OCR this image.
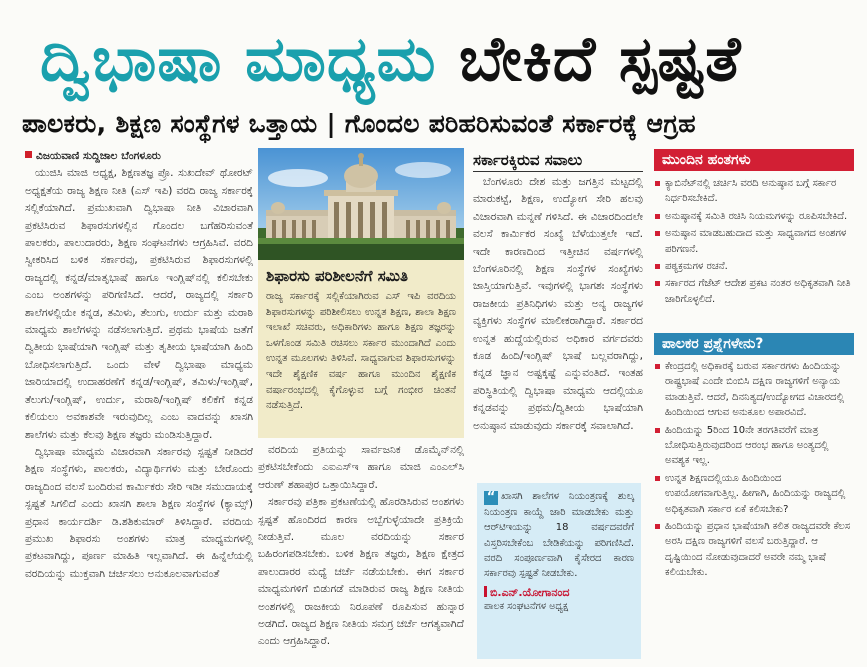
ದ್ವಿಭಾಷಾ ಮಾಧ್ಯಮ ಬೇಕಿದೆ ಸ್ಪಷ್ಟತೆ
ಪಾಲಕರು, ಶಿಕ್ಷಣ ಸಂಸ್ಥೆಗಳ ಒತ್ತಾಯ | ಗೊಂದಲ ಪರಿಹರಿಸುವಂತೆ ಸರ್ಕಾರಕ್ಕೆ ಆಗ್ರಹ

ವಿಜಯವಾಣಿ ಸುದ್ದಿಜಾಲ ಬೆಂಗಳೂರು

ಯುಜಿಸಿ ಮಾಜಿ ಅಧ್ಯಕ್ಷ, ಶಿಕ್ಷಣತಜ್ಞ ಪ್ರೊ. ಸುಖದೇವ್ ಥೋರಟ್ ಅಧ್ಯಕ್ಷತೆಯ ರಾಜ್ಯ ಶಿಕ್ಷಣ ನೀತಿ (ಎಸ್ ಇಪಿ) ವರದಿ ರಾಜ್ಯ ಸರ್ಕಾರಕ್ಕೆ ಸಲ್ಲಿಕೆಯಾಗಿದೆ. ಪ್ರಮುಖವಾಗಿ ದ್ವಿಭಾಷಾ ನೀತಿ ವಿಚಾರವಾಗಿ ಪ್ರಕಟಿಸಿರುವ ಶಿಫಾರಸುಗಳಲ್ಲಿನ ಗೊಂದಲ ಬಗೆಹರಿಸುವಂತೆ ಪಾಲಕರು, ಪಾಲುದಾರರು, ಶಿಕ್ಷಣ ಸಂಘಟನೆಗಳು ಆಗ್ರಹಿಸಿವೆ. ವರದಿ ಸ್ವೀಕರಿಸಿದ ಬಳಿಕ ಸರ್ಕಾರವು, ಪ್ರಕಟಿಸಿರುವ ಶಿಫಾರಸುಗಳಲ್ಲಿ ರಾಜ್ಯದಲ್ಲಿ ಕನ್ನಡ/ಮಾತೃಭಾಷೆ ಹಾಗೂ ಇಂಗ್ಲಿಷ್‌ನಲ್ಲಿ ಕಲಿಸಬೇಕು ಎಂಬ ಅಂಶಗಳನ್ನು ಪರಿಗಣಿಸಿದೆ. ಆದರೆ, ರಾಜ್ಯದಲ್ಲಿ ಸರ್ಕಾರಿ ಶಾಲೆಗಳಲ್ಲಿಯೇ ಕನ್ನಡ, ತಮಿಳು, ತೆಲುಗು, ಉರ್ದು ಮತ್ತು ಮರಾಠಿ ಮಾಧ್ಯಮ ಶಾಲೆಗಳನ್ನು ನಡೆಸಲಾಗುತ್ತಿದೆ. ಪ್ರಥಮ ಭಾಷೆಯ ಜತೆಗೆ ದ್ವಿತೀಯ ಭಾಷೆಯಾಗಿ ಇಂಗ್ಲಿಷ್ ಮತ್ತು ತೃತೀಯ ಭಾಷೆಯಾಗಿ ಹಿಂದಿ ಬೋಧಿಸಲಾಗುತ್ತಿದೆ. ಒಂದು ವೇಳೆ ದ್ವಿಭಾಷಾ ಮಾಧ್ಯಮ ಜಾರಿಯಾದಲ್ಲಿ ಉದಾಹರಣೆಗೆ ಕನ್ನಡ/ಇಂಗ್ಲಿಷ್, ತಮಿಳು/ಇಂಗ್ಲಿಷ್, ತೆಲುಗು/ಇಂಗ್ಲಿಷ್, ಉರ್ದು, ಮರಾಠಿ/ಇಂಗ್ಲಿಷ್ ಕಲಿಕೆಗೆ ಕನ್ನಡ ಕಲಿಯಲು ಅವಕಾಶವೇ ಇರುವುದಿಲ್ಲ ಎಂಬ ವಾದವನ್ನು ಖಾಸಗಿ ಶಾಲೆಗಳು ಮತ್ತು ಕೆಲವು ಶಿಕ್ಷಣ ತಜ್ಞರು ಮಂಡಿಸುತ್ತಿದ್ದಾರೆ.

ದ್ವಿಭಾಷಾ ಮಾಧ್ಯಮ ವಿಚಾರವಾಗಿ ಸರ್ಕಾರವು ಸ್ಪಷ್ಟತೆ ನೀಡಿದರೆ ಶಿಕ್ಷಣ ಸಂಸ್ಥೆಗಳು, ಪಾಲಕರು, ವಿದ್ಯಾರ್ಥಿಗಳು ಮತ್ತು ಬೇರೊಂದು ರಾಜ್ಯದಿಂದ ವಲಸೆ ಬಂದಿರುವ ಕಾರ್ಮಿಕರು ಸೇರಿ ಇಡೀ ಸಮುದಾಯಕ್ಕೆ ಸ್ಪಷ್ಟತೆ ಸಿಗಲಿದೆ ಎಂದು ಖಾಸಗಿ ಶಾಲಾ ಶಿಕ್ಷಣ ಸಂಸ್ಥೆಗಳ (ಕ್ಯಾಮ್ಸ್) ಪ್ರಧಾನ ಕಾರ್ಯದರ್ಶಿ ಡಿ.ಶಶಿಕುಮಾರ್ ತಿಳಿಸಿದ್ದಾರೆ. ವರದಿಯ ಪ್ರಮುಖ ಶಿಫಾರಸು ಅಂಶಗಳು ಮಾತ್ರ ಮಾಧ್ಯಮಗಳಲ್ಲಿ ಪ್ರಕಟವಾಗಿದ್ದು, ಪೂರ್ಣ ಮಾಹಿತಿ ಇಲ್ಲವಾಗಿದೆ. ಈ ಹಿನ್ನೆಲೆಯಲ್ಲಿ ವರದಿಯನ್ನು ಮುಕ್ತವಾಗಿ ಚರ್ಚಿಸಲು ಅನುಕೂಲವಾಗುವಂತೆ

ಶಿಫಾರಸು ಪರಿಶೀಲನೆಗೆ ಸಮಿತಿ
ರಾಜ್ಯ ಸರ್ಕಾರಕ್ಕೆ ಸಲ್ಲಿಕೆಯಾಗಿರುವ ಎಸ್ ಇಪಿ ವರದಿಯ ಶಿಫಾರಸುಗಳನ್ನು ಪರಿಶೀಲಿಸಲು ಉನ್ನತ ಶಿಕ್ಷಣ, ಶಾಲಾ ಶಿಕ್ಷಣ ಇಲಾಖೆ ಸಚಿವರು, ಅಧಿಕಾರಿಗಳು ಹಾಗೂ ಶಿಕ್ಷಣ ತಜ್ಞರನ್ನು ಒಳಗೊಂಡ ಸಮಿತಿ ರಚಿಸಲು ಸರ್ಕಾರ ಮುಂದಾಗಿದೆ ಎಂದು ಉನ್ನತ ಮೂಲಗಳು ತಿಳಿಸಿವೆ. ಸಾಧ್ಯವಾಗುವ ಶಿಫಾರಸುಗಳನ್ನು ಇದೇ ಶೈಕ್ಷಣಿಕ ವರ್ಷ ಹಾಗೂ ಮುಂದಿನ ಶೈಕ್ಷಣಿಕ ವರ್ಷಾರಂಭದಲ್ಲಿ ಕೈಗೊಳ್ಳುವ ಬಗ್ಗೆ ಗಂಭೀರ ಚಿಂತನೆ ನಡೆಸುತ್ತಿದೆ.

ವರದಿಯ ಪ್ರತಿಯನ್ನು ಸಾರ್ವಜನಿಕ ಡೊಮೈನ್‌ನಲ್ಲಿ ಪ್ರಕಟಿಸಬೇಕೆಂದು ಎಐಎಸ್‌ಇ ಹಾಗೂ ಮಾಜಿ ಎಂಎಲ್‌ಸಿ ಆರುಣ್ ಶಹಾಪುರ ಒತ್ತಾಯಿಸಿದ್ದಾರೆ.

ಸರ್ಕಾರವು ಪತ್ರಿಕಾ ಪ್ರಕಟಣೆಯಲ್ಲಿ ಹೊರಡಿಸಿರುವ ಅಂಶಗಳು ಸ್ಪಷ್ಟತೆ ಹೊಂದಿರದ ಕಾರಣ ಅಬ್ಬೆಗುಳ್ಳೆಯಾದೇ ಪ್ರತಿಕ್ರಿಯೆ ನೀಡುತ್ತಿವೆ. ಮೂಲ ವರದಿಯನ್ನು ಸರ್ಕಾರ ಬಹಿರಂಗಪಡಿಸಬೇಕು. ಬಳಿಕ ಶಿಕ್ಷಣ ತಜ್ಞರು, ಶಿಕ್ಷಣ ಕ್ಷೇತ್ರದ ಪಾಲುದಾರರ ಮಧ್ಯೆ ಚರ್ಚೆ ನಡೆಯಬೇಕು. ಈಗ ಸರ್ಕಾರ ಮಾಧ್ಯಮಗಳಿಗೆ ಬಿಡುಗಡೆ ಮಾಡಿರುವ ರಾಜ್ಯ ಶಿಕ್ಷಣ ನೀತಿಯ ಅಂಶಗಳಲ್ಲಿ ರಾಜಕೀಯ ನಿರೂಪಣೆ ರೂಪಿಸುವ ಹುನ್ನಾರ ಅಡಗಿದೆ. ರಾಜ್ಯದ ಶಿಕ್ಷಣ ನೀತಿಯ ಸಮಗ್ರ ಚರ್ಚೆ ಆಗತ್ಯವಾಗಿದೆ ಎಂದು ಆಗ್ರಹಿಸಿದ್ದಾರೆ.

ಸರ್ಕಾರಕ್ಕಿರುವ ಸವಾಲು

ಬೆಂಗಳೂರು ದೇಶ ಮತ್ತು ಜಗತ್ತಿನ ಮಟ್ಟದಲ್ಲಿ ಮಾರುಕಟ್ಟೆ, ಶಿಕ್ಷಣ, ಉದ್ಯೋಗ ಸೇರಿ ಹಲವು ವಿಚಾರವಾಗಿ ಮನ್ನಣೆ ಗಳಿಸಿದೆ. ಈ ವಿಚಾರದಿಂದಲೇ ವಲಸೆ ಕಾರ್ಮಿಕರ ಸಂಖ್ಯೆ ಬೆಳೆಯುತ್ತಲೇ ಇದೆ. ಇದೇ ಕಾರಣದಿಂದ ಇತ್ತೀಚಿನ ವರ್ಷಗಳಲ್ಲಿ ಬೆಂಗಳೂರಿನಲ್ಲಿ ಶಿಕ್ಷಣ ಸಂಸ್ಥೆಗಳ ಸಂಖ್ಯೆಗಳು ಜಾಸ್ತಿಯಾಗುತ್ತಿವೆ. ಇವುಗಳಲ್ಲಿ ಭಾಗಶಃ ಸಂಸ್ಥೆಗಳು ರಾಜಕೀಯ ಪ್ರತಿನಿಧಿಗಳು ಮತ್ತು ಅನ್ಯ ರಾಜ್ಯಗಳ ವ್ಯಕ್ತಿಗಳು ಸಂಸ್ಥೆಗಳ ಮಾಲೀಕರಾಗಿದ್ದಾರೆ. ಸರ್ಕಾರದ ಉನ್ನತ ಹುದ್ದೆಯಲ್ಲಿರುವ ಅಧಿಕಾರ ವರ್ಗದವರು ಕೂಡ ಹಿಂದಿ/ಇಂಗ್ಲಿಷ್ ಭಾಷೆ ಬಲ್ಲವರಾಗಿದ್ದು, ಕನ್ನಡ ಜ್ಞಾನ ಅಷ್ಟಕ್ಕಷ್ಟೆ ಎನ್ನುವಂತಿದೆ. ಇಂತಹ ಪರಿಸ್ಥಿತಿಯಲ್ಲಿ ದ್ವಿಭಾಷಾ ಮಾಧ್ಯಮ ಆದಲ್ಲಿಯೂ ಕನ್ನಡವನ್ನು ಪ್ರಥಮ/ದ್ವಿತೀಯ ಭಾಷೆಯಾಗಿ ಅನುಷ್ಠಾನ ಮಾಡುವುದು ಸರ್ಕಾರಕ್ಕೆ ಸವಾಲಾಗಿದೆ.

“ ಖಾಸಗಿ ಶಾಲೆಗಳ ನಿಯಂತ್ರಣಕ್ಕೆ ಶುಲ್ಕ ನಿಯಂತ್ರಣ ಕಾಯ್ದೆ ಜಾರಿ ಮಾಡಬೇಕು ಮತ್ತು ಆರ್‌ಟಿಇಯನ್ನು 18 ವರ್ಷದವರೆಗೆ ವಿಸ್ತರಿಸಬೇಕೆಂಬ ಬೇಡಿಕೆಯನ್ನು ಪರಿಗಣಿಸಿದೆ. ವರದಿ ಸಂಪೂರ್ಣವಾಗಿ ಕೈಸೇರದ ಕಾರಣ ಸರ್ಕಾರವು ಸ್ಪಷ್ಟತೆ ನೀಡಬೇಕು.
ಬಿ.ಎನ್.ಯೋಗಾನಂದ
ಪಾಲಕ ಸಂಘಟನೆಗಳ ಅಧ್ಯಕ್ಷ
ಮುಂದಿನ ಹಂತಗಳು
ಕ್ಯಾಬಿನೆಟ್‌ನಲ್ಲಿ ಚರ್ಚಿಸಿ ವರದಿ ಅನುಷ್ಠಾನ ಬಗ್ಗೆ ಸರ್ಕಾರ ನಿರ್ಧರಿಸಬೇಕಿದೆ.
ಅನುಷ್ಠಾನಕ್ಕೆ ಸಮಿತಿ ರಚಿಸಿ ನಿಯಮಗಳನ್ನು ರೂಪಿಸಬೇಕಿದೆ.
ಅನುಷ್ಠಾನ ಮಾಡಬಹುದಾದ ಮತ್ತು ಸಾಧ್ಯವಾಗದ ಅಂಶಗಳ ಪರಿಗಣನೆ.
ಪಠ್ಯಕ್ರಮಗಳ ರಚನೆ.
ಸರ್ಕಾರದ ಗೆಜೆಟ್ ಆದೇಶ ಪ್ರಕಟ ನಂತರ ಅಧಿಕೃತವಾಗಿ ನೀತಿ ಜಾರಿಗೊಳ್ಳಲಿದೆ.
ಪಾಲಕರ ಪ್ರಶ್ನೆಗಳೇನು?
ಕೇಂದ್ರದಲ್ಲಿ ಅಧಿಕಾರಕ್ಕೆ ಬರುವ ಸರ್ಕಾರಗಳು ಹಿಂದಿಯನ್ನು ರಾಷ್ಟ್ರಭಾಷೆ ಎಂದೇ ಬಿಂಬಿಸಿ ದಕ್ಷಿಣ ರಾಜ್ಯಗಳಿಗೆ ಅನ್ಯಾಯ ಮಾಡುತ್ತಿವೆ. ಆದರೆ, ದಿನನಿತ್ಯದ/ಉದ್ಯೋಗದ ವಿಚಾರದಲ್ಲಿ ಹಿಂದಿಯಿಂದ ಆಗುವ ಅನುಕೂಲ ಅಪಾರವಿದೆ.
ಹಿಂದಿಯನ್ನು 5ರಿಂದ 10ನೇ ತರಗತಿವರೆಗೆ ಮಾತ್ರ ಬೋಧಿಸುತ್ತಿರುವುದರಿಂದ ಆರಂಭ ಹಾಗೂ ಅಂತ್ಯದಲ್ಲಿ ಅವಶ್ಯಕ ಇಲ್ಲ.
ಉನ್ನತ ಶಿಕ್ಷಣದಲ್ಲಿಯೂ ಹಿಂದಿಯಿಂದ ಉಪಯೋಗವಾಗುತ್ತಿಲ್ಲ. ಹೀಗಾಗಿ, ಹಿಂದಿಯನ್ನು ರಾಜ್ಯದಲ್ಲಿ ಅಧಿಕೃತವಾಗಿ ಸರ್ಕಾರ ಏಕೆ ಕಲಿಸಬೇಕು?
ಹಿಂದಿಯನ್ನು ಪ್ರಧಾನ ಭಾಷೆಯಾಗಿ ಕಲಿತ ರಾಜ್ಯದವರೇ ಕೆಲಸ ಅರಸಿ ದಕ್ಷಿಣ ರಾಜ್ಯಗಳಿಗೆ ವಲಸೆ ಬರುತ್ತಿದ್ದಾರೆ. ಆ ದೃಷ್ಟಿಯಿಂದ ನೋಡುವುದಾದರೆ ಅವರೇ ನಮ್ಮ ಭಾಷೆ ಕಲಿಯಬೇಕು.
